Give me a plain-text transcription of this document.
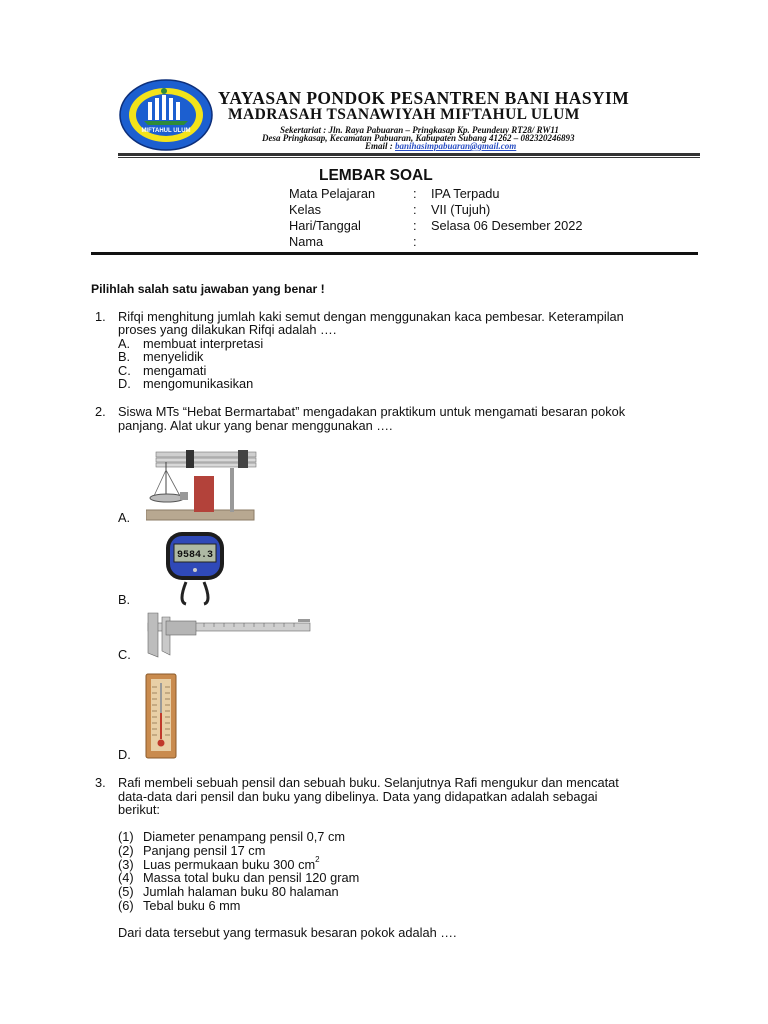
MIFTAHUL ULUM
YAYASAN PONDOK PESANTREN BANI HASYIM
MADRASAH TSANAWIYAH MIFTAHUL ULUM
Sekertariat : Jln. Raya Pabuaran – Pringkasap Kp. Peundeuy RT28/ RW11
Desa Pringkasap, Kecamatan Pabuaran, Kabupaten Subang 41262 – 082320246893
Email : banihasimpabuaran@gmail.com
LEMBAR SOAL
Mata Pelajaran	: IPA Terpadu
Kelas	: VII (Tujuh)
Hari/Tanggal	: Selasa 06 Desember 2022
Nama	:
Pilihlah salah satu jawaban yang benar !
1. Rifqi menghitung jumlah kaki semut dengan menggunakan kaca pembesar. Keterampilan
proses yang dilakukan Rifqi adalah ….
A. membuat interpretasi
B. menyelidik
C. mengamati
D. mengomunikasikan
2. Siswa MTs “Hebat Bermartabat” mengadakan praktikum untuk mengamati besaran pokok
panjang. Alat ukur yang benar menggunakan ….
A.
9584.3
B.
C.
D.
3. Rafi membeli sebuah pensil dan sebuah buku. Selanjutnya Rafi mengukur dan mencatat
data-data dari pensil dan buku yang dibelinya. Data yang didapatkan adalah sebagai
berikut:
(1) Diameter penampang pensil 0,7 cm
(2) Panjang pensil 17 cm
(3) Luas permukaan buku 300 $cm^2$
(4) Massa total buku dan pensil 120 gram
(5) Jumlah halaman buku 80 halaman
(6) Tebal buku 6 mm
Dari data tersebut yang termasuk besaran pokok adalah ….
